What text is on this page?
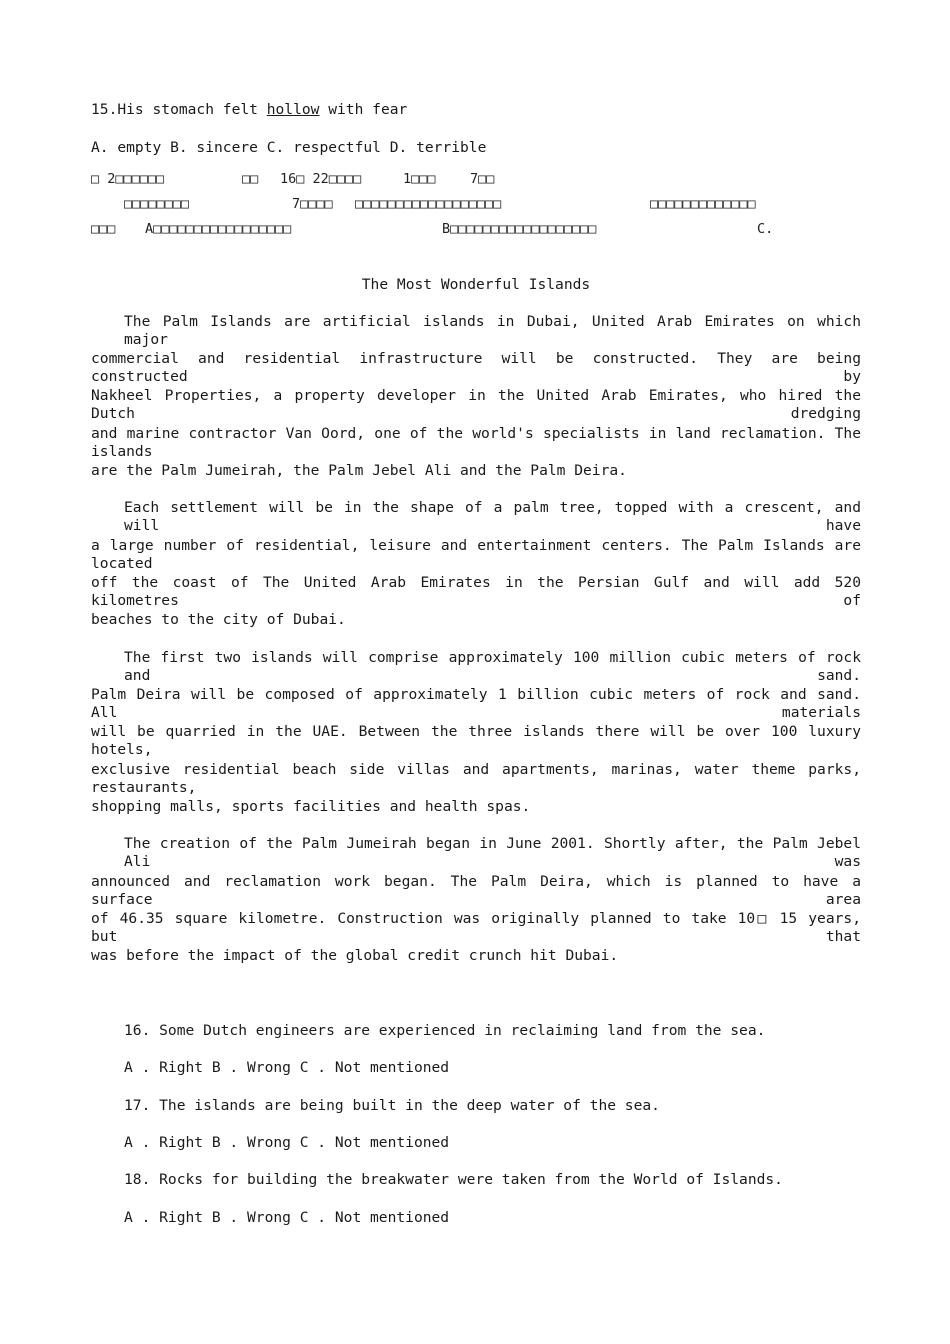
15.His stomach felt hollow with fear
A. empty B. sincere C. respectful D. terrible
□ 2□□□□□□	□□ 16□ 22□□□□	1□□□	7□□
□□□□□□□□	7□□□□ □□□□□□□□□□□□□□□□□□	□□□□□□□□□□□□□
□□□ A□□□□□□□□□□□□□□□□□	B□□□□□□□□□□□□□□□□□□	C.
The Most Wonderful Islands
The Palm Islands are artificial islands in Dubai, United Arab Emirates on which major
commercial and residential infrastructure will be constructed. They are being constructed by
Nakheel Properties, a property developer in the United Arab Emirates, who hired the Dutch dredging
and marine contractor Van Oord, one of the world's specialists in land reclamation. The islands
are the Palm Jumeirah, the Palm Jebel Ali and the Palm Deira.
Each settlement will be in the shape of a palm tree, topped with a crescent, and will have
a large number of residential, leisure and entertainment centers. The Palm Islands are located
off the coast of The United Arab Emirates in the Persian Gulf and will add 520 kilometres of
beaches to the city of Dubai.
The first two islands will comprise approximately 100 million cubic meters of rock and sand.
Palm Deira will be composed of approximately 1 billion cubic meters of rock and sand. All materials
will be quarried in the UAE. Between the three islands there will be over 100 luxury hotels,
exclusive residential beach side villas and apartments, marinas, water theme parks, restaurants,
shopping malls, sports facilities and health spas.
The creation of the Palm Jumeirah began in June 2001. Shortly after, the Palm Jebel Ali was
announced and reclamation work began. The Palm Deira, which is planned to have a surface area
of 46.35 square kilometre. Construction was originally planned to take 10□ 15 years, but that
was before the impact of the global credit crunch hit Dubai.
16. Some Dutch engineers are experienced in reclaiming land from the sea.
A . Right B . Wrong C . Not mentioned
17. The islands are being built in the deep water of the sea.
A . Right B . Wrong C . Not mentioned
18. Rocks for building the breakwater were taken from the World of Islands.
A . Right B . Wrong C . Not mentioned
